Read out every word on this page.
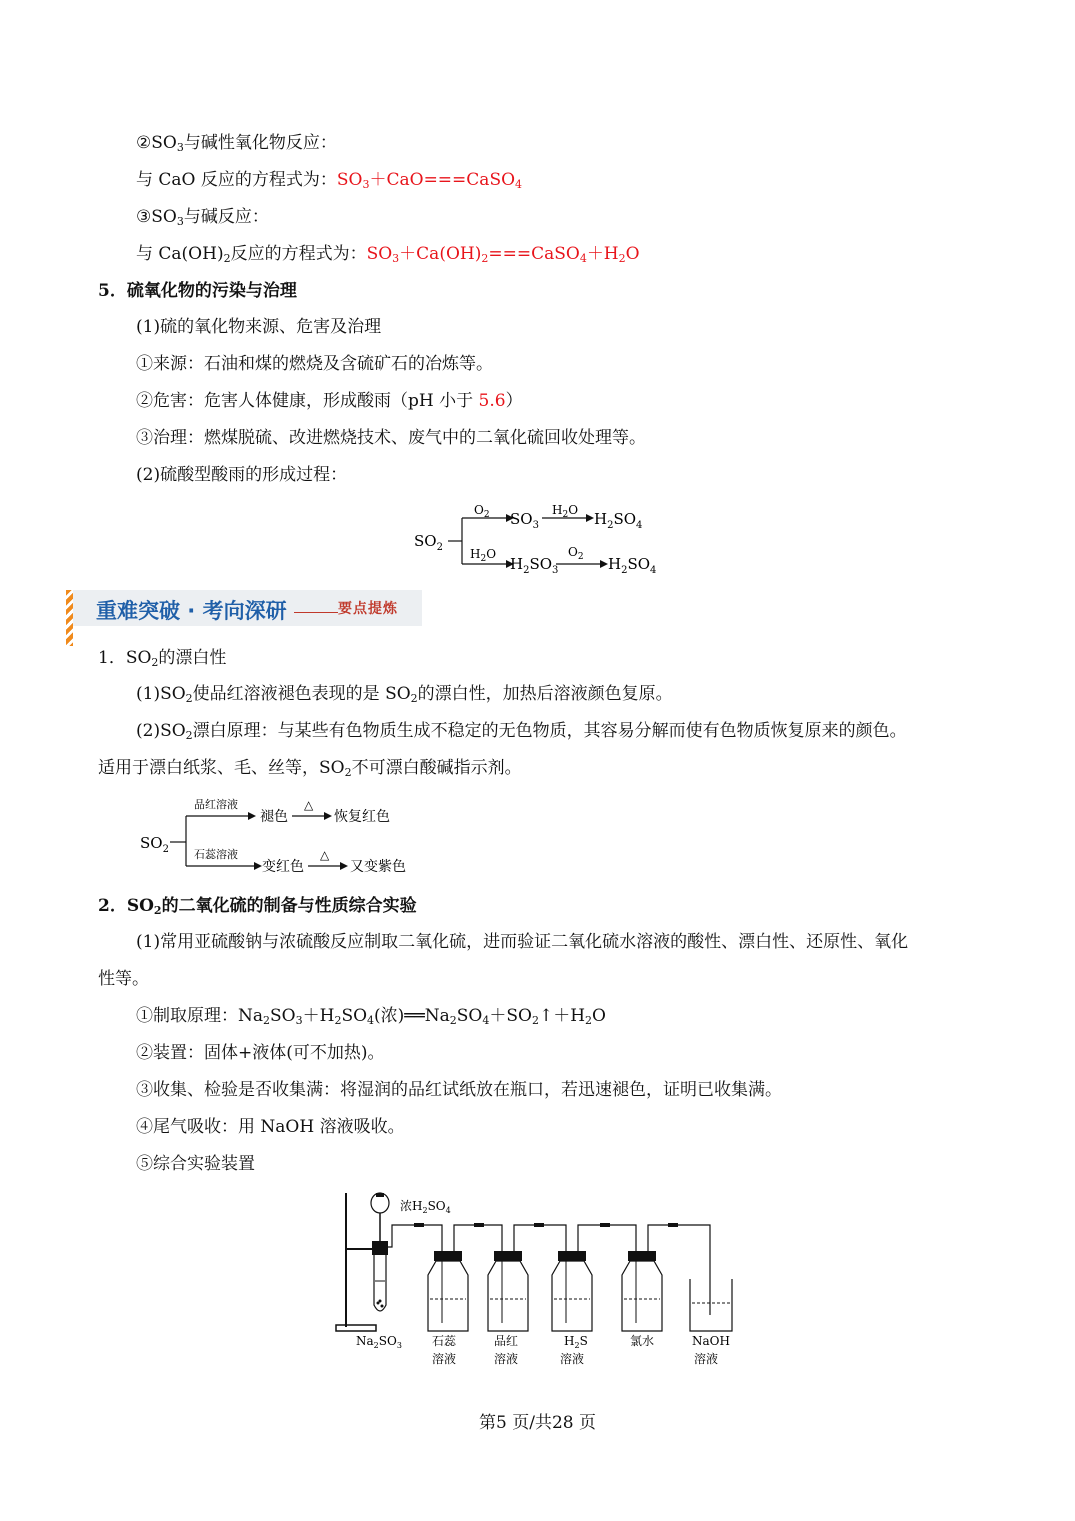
$②SO_3$与碱性氧化物反应：
与 CaO 反应的方程式为：$SO_3+CaO===CaSO_4$
$③SO_3$与碱反应：
与 $Ca(OH)_2$反应的方程式为：$SO_3+Ca(OH)_2===CaSO_4+H_2O$
5．硫氧化物的污染与治理
(1)硫的氧化物来源、危害及治理
①来源：石油和煤的燃烧及含硫矿石的冶炼等。
②危害：危害人体健康，形成酸雨（pH 小于 5.6）
③治理：燃煤脱硫、改进燃烧技术、废气中的二氧化硫回收处理等。
(2)硫酸型酸雨的形成过程：
$SO_2$
$O_2$ $SO_3$
$H_2O$ $H_2SO_4$
$H_2O$
$H_2SO_3$
$O_2$ $H_2SO_4$
重难突破 · 考向深研	要点提炼
1．$SO_2$的漂白性
$(1)SO_2$使品红溶液褪色表现的是 $SO_2$的漂白性，加热后溶液颜色复原。
$(2)SO_2$漂白原理：与某些有色物质生成不稳定的无色物质，其容易分解而使有色物质恢复原来的颜色。
适用于漂白纸浆、毛、丝等，$SO_2$不可漂白酸碱指示剂。
$SO_2$
品红溶液
褪色
△
恢复红色
石蕊溶液
变红色
△
又变紫色
2．$SO_2$的二氧化硫的制备与性质综合实验
(1)常用亚硫酸钠与浓硫酸反应制取二氧化硫，进而验证二氧化硫水溶液的酸性、漂白性、还原性、氧化
性等。
①制取原理：$Na_2SO_3+H_2SO_4$(浓)$══Na_2SO_4+SO_2↑+H_2O$
②装置：固体+液体(可不加热)。
③收集、检验是否收集满：将湿润的品红试纸放在瓶口，若迅速褪色，证明已收集满。
④尾气吸收：用 NaOH 溶液吸收。
⑤综合实验装置
浓$H_2SO_4$
$Na_2SO_3$	石蕊
溶液
品红
溶液
$H_2S$
溶液
氯水	NaOH
溶液
第5 页/共28 页
